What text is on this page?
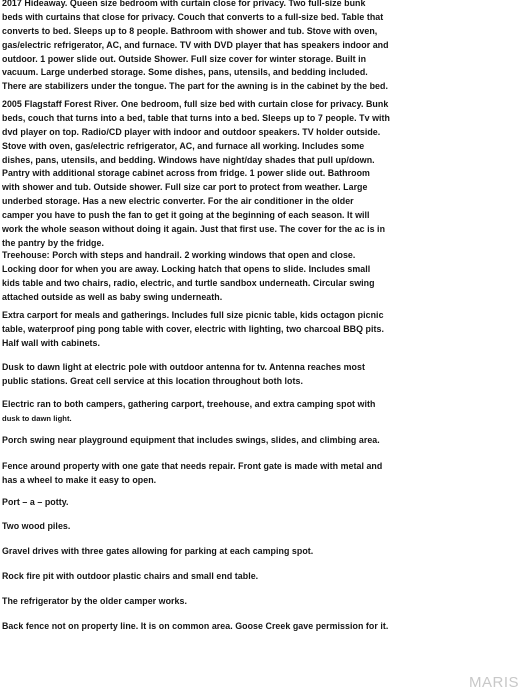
2017 Hideaway. Queen size bedroom with curtain close for privacy. Two full-size bunk
beds with curtains that close for privacy. Couch that converts to a full-size bed. Table that
converts to bed. Sleeps up to 8 people. Bathroom with shower and tub. Stove with oven,
gas/electric refrigerator, AC, and furnace. TV with DVD player that has speakers indoor and
outdoor. 1 power slide out. Outside Shower. Full size cover for winter storage. Built in
vacuum. Large underbed storage. Some dishes, pans, utensils, and bedding included.
There are stabilizers under the tongue. The part for the awning is in the cabinet by the bed.
2005 Flagstaff Forest River. One bedroom, full size bed with curtain close for privacy. Bunk
beds, couch that turns into a bed, table that turns into a bed. Sleeps up to 7 people. Tv with
dvd player on top. Radio/CD player with indoor and outdoor speakers. TV holder outside.
Stove with oven, gas/electric refrigerator, AC, and furnace all working. Includes some
dishes, pans, utensils, and bedding. Windows have night/day shades that pull up/down.
Pantry with additional storage cabinet across from fridge. 1 power slide out. Bathroom
with shower and tub. Outside shower. Full size car port to protect from weather. Large
underbed storage. Has a new electric converter. For the air conditioner in the older
camper you have to push the fan to get it going at the beginning of each season. It will
work the whole season without doing it again. Just that first use. The cover for the ac is in
the pantry by the fridge.
Treehouse: Porch with steps and handrail. 2 working windows that open and close.
Locking door for when you are away. Locking hatch that opens to slide. Includes small
kids table and two chairs, radio, electric, and turtle sandbox underneath. Circular swing
attached outside as well as baby swing underneath.
Extra carport for meals and gatherings. Includes full size picnic table, kids octagon picnic
table, waterproof ping pong table with cover, electric with lighting, two charcoal BBQ pits.
Half wall with cabinets.
Dusk to dawn light at electric pole with outdoor antenna for tv. Antenna reaches most
public stations. Great cell service at this location throughout both lots.
Electric ran to both campers, gathering carport, treehouse, and extra camping spot with
dusk to dawn light.
Porch swing near playground equipment that includes swings, slides, and climbing area.
Fence around property with one gate that needs repair. Front gate is made with metal and
has a wheel to make it easy to open.
Port – a – potty.
Two wood piles.
Gravel drives with three gates allowing for parking at each camping spot.
Rock fire pit with outdoor plastic chairs and small end table.
The refrigerator by the older camper works.
Back fence not on property line. It is on common area. Goose Creek gave permission for it.
MARIS
